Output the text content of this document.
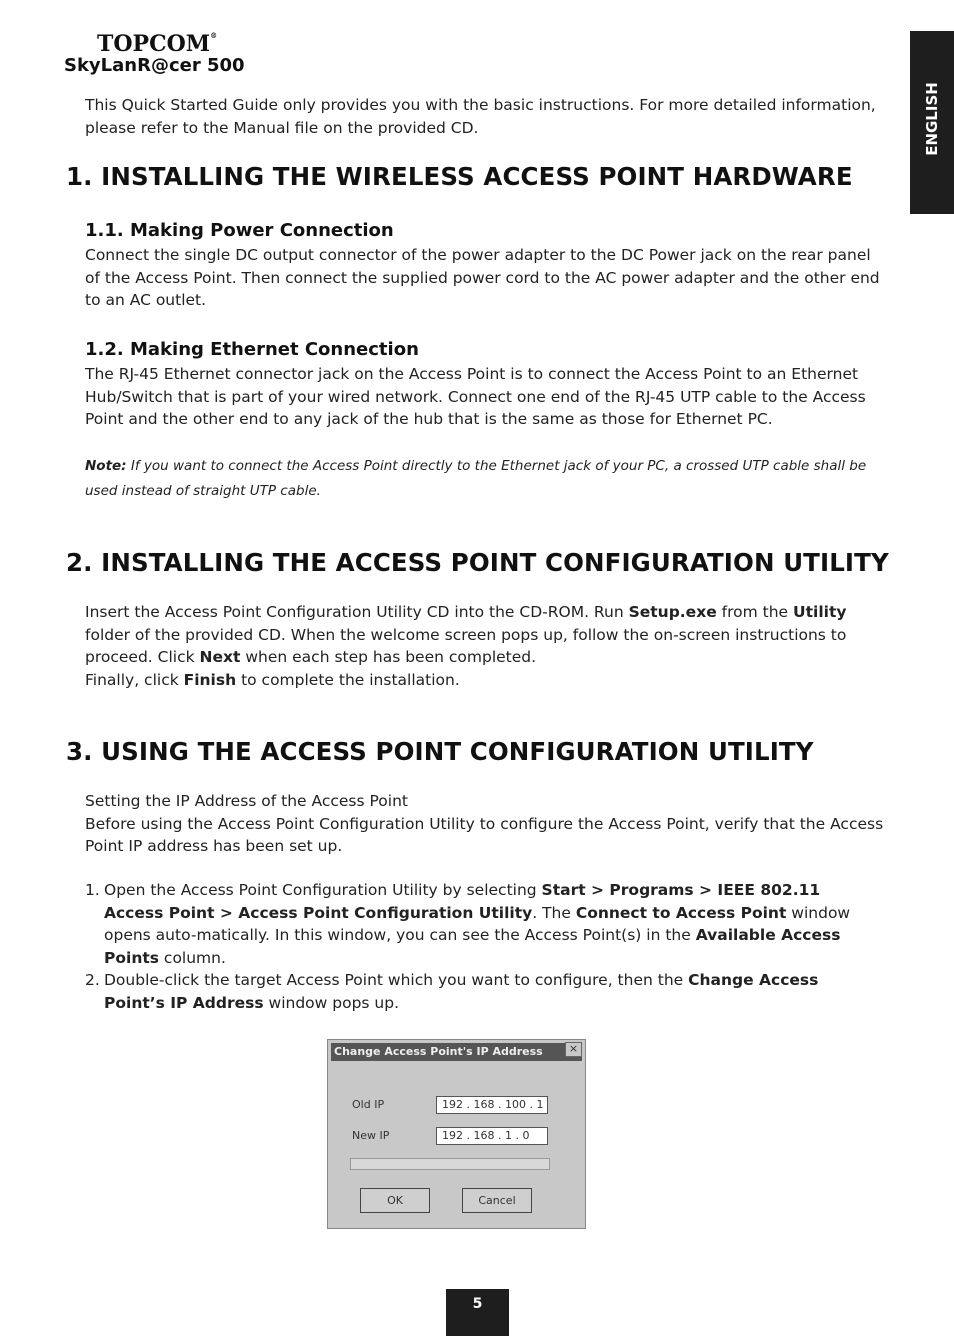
TOPCOM®
SkyLanR@cer 500
ENGLISH

This Quick Started Guide only provides you with the basic instructions. For more detailed information, please refer to the Manual file on the provided CD.

1. INSTALLING THE WIRELESS ACCESS POINT HARDWARE
1.1. Making Power Connection

Connect the single DC output connector of the power adapter to the DC Power jack on the rear panel of the Access Point. Then connect the supplied power cord to the AC power adapter and the other end to an AC outlet.

1.2. Making Ethernet Connection

The RJ-45 Ethernet connector jack on the Access Point is to connect the Access Point to an Ethernet Hub/Switch that is part of your wired network. Connect one end of the RJ-45 UTP cable to the Access Point and the other end to any jack of the hub that is the same as those for Ethernet PC.

Note: If you want to connect the Access Point directly to the Ethernet jack of your PC, a crossed UTP cable shall be used instead of straight UTP cable.

2. INSTALLING THE ACCESS POINT CONFIGURATION UTILITY

Insert the Access Point Configuration Utility CD into the CD-ROM. Run Setup.exe from the Utility folder of the provided CD. When the welcome screen pops up, follow the on-screen instructions to proceed. Click Next when each step has been completed.

Finally, click Finish to complete the installation.

3. USING THE ACCESS POINT CONFIGURATION UTILITY

Setting the IP Address of the Access Point

Before using the Access Point Configuration Utility to configure the Access Point, verify that the Access Point IP address has been set up.

1. Open the Access Point Configuration Utility by selecting Start > Programs > IEEE 802.11 Access Point > Access Point Configuration Utility. The Connect to Access Point window opens auto-matically. In this window, you can see the Access Point(s) in the Available Access Points column.
2. Double-click the target Access Point which you want to configure, then the Change Access Point’s IP Address window pops up.
Change Access Point's IP Address	×
Old IP	192 . 168 . 100 . 1
New IP	192 . 168 . 1 . 0
OK	Cancel
5
